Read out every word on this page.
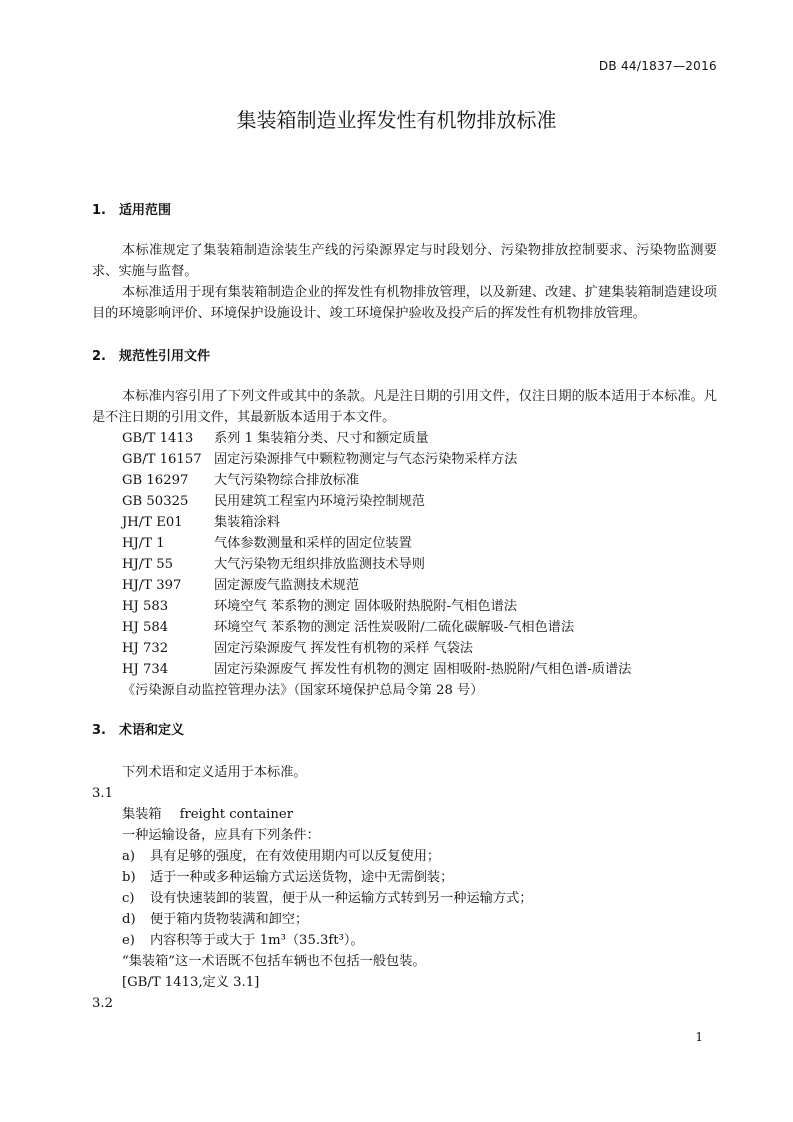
DB 44/1837—2016
集装箱制造业挥发性有机物排放标准
1. 适用范围

本标准规定了集装箱制造涂装生产线的污染源界定与时段划分、污染物排放控制要求、污染物监测要求、实施与监督。

本标准适用于现有集装箱制造企业的挥发性有机物排放管理，以及新建、改建、扩建集装箱制造建设项目的环境影响评价、环境保护设施设计、竣工环境保护验收及投产后的挥发性有机物排放管理。

2. 规范性引用文件

本标准内容引用了下列文件或其中的条款。凡是注日期的引用文件，仅注日期的版本适用于本标准。凡是不注日期的引用文件，其最新版本适用于本文件。

GB/T 1413	系列 1 集装箱分类、尺寸和额定质量
GB/T 16157 固定污染源排气中颗粒物测定与气态污染物采样方法
GB 16297	大气污染物综合排放标准
GB 50325	民用建筑工程室内环境污染控制规范
JH/T E01	集装箱涂料
HJ/T 1	气体参数测量和采样的固定位装置
HJ/T 55	大气污染物无组织排放监测技术导则
HJ/T 397	固定源废气监测技术规范
HJ 583	环境空气 苯系物的测定 固体吸附热脱附-气相色谱法
HJ 584	环境空气 苯系物的测定 活性炭吸附/二硫化碳解吸-气相色谱法
HJ 732	固定污染源废气 挥发性有机物的采样 气袋法
HJ 734	固定污染源废气 挥发性有机物的测定 固相吸附-热脱附/气相色谱-质谱法
《污染源自动监控管理办法》（国家环境保护总局令第 28 号）
3. 术语和定义
下列术语和定义适用于本标准。
3.1
集装箱 freight container
一种运输设备，应具有下列条件：
a)	具有足够的强度，在有效使用期内可以反复使用；
b)	适于一种或多种运输方式运送货物，途中无需倒装；
c)	设有快速装卸的装置，便于从一种运输方式转到另一种运输方式；
d)	便于箱内货物装满和卸空；
e)	内容积等于或大于 1m³（35.3ft³）。
“集装箱”这一术语既不包括车辆也不包括一般包装。
[GB/T 1413,定义 3.1]
3.2
1
